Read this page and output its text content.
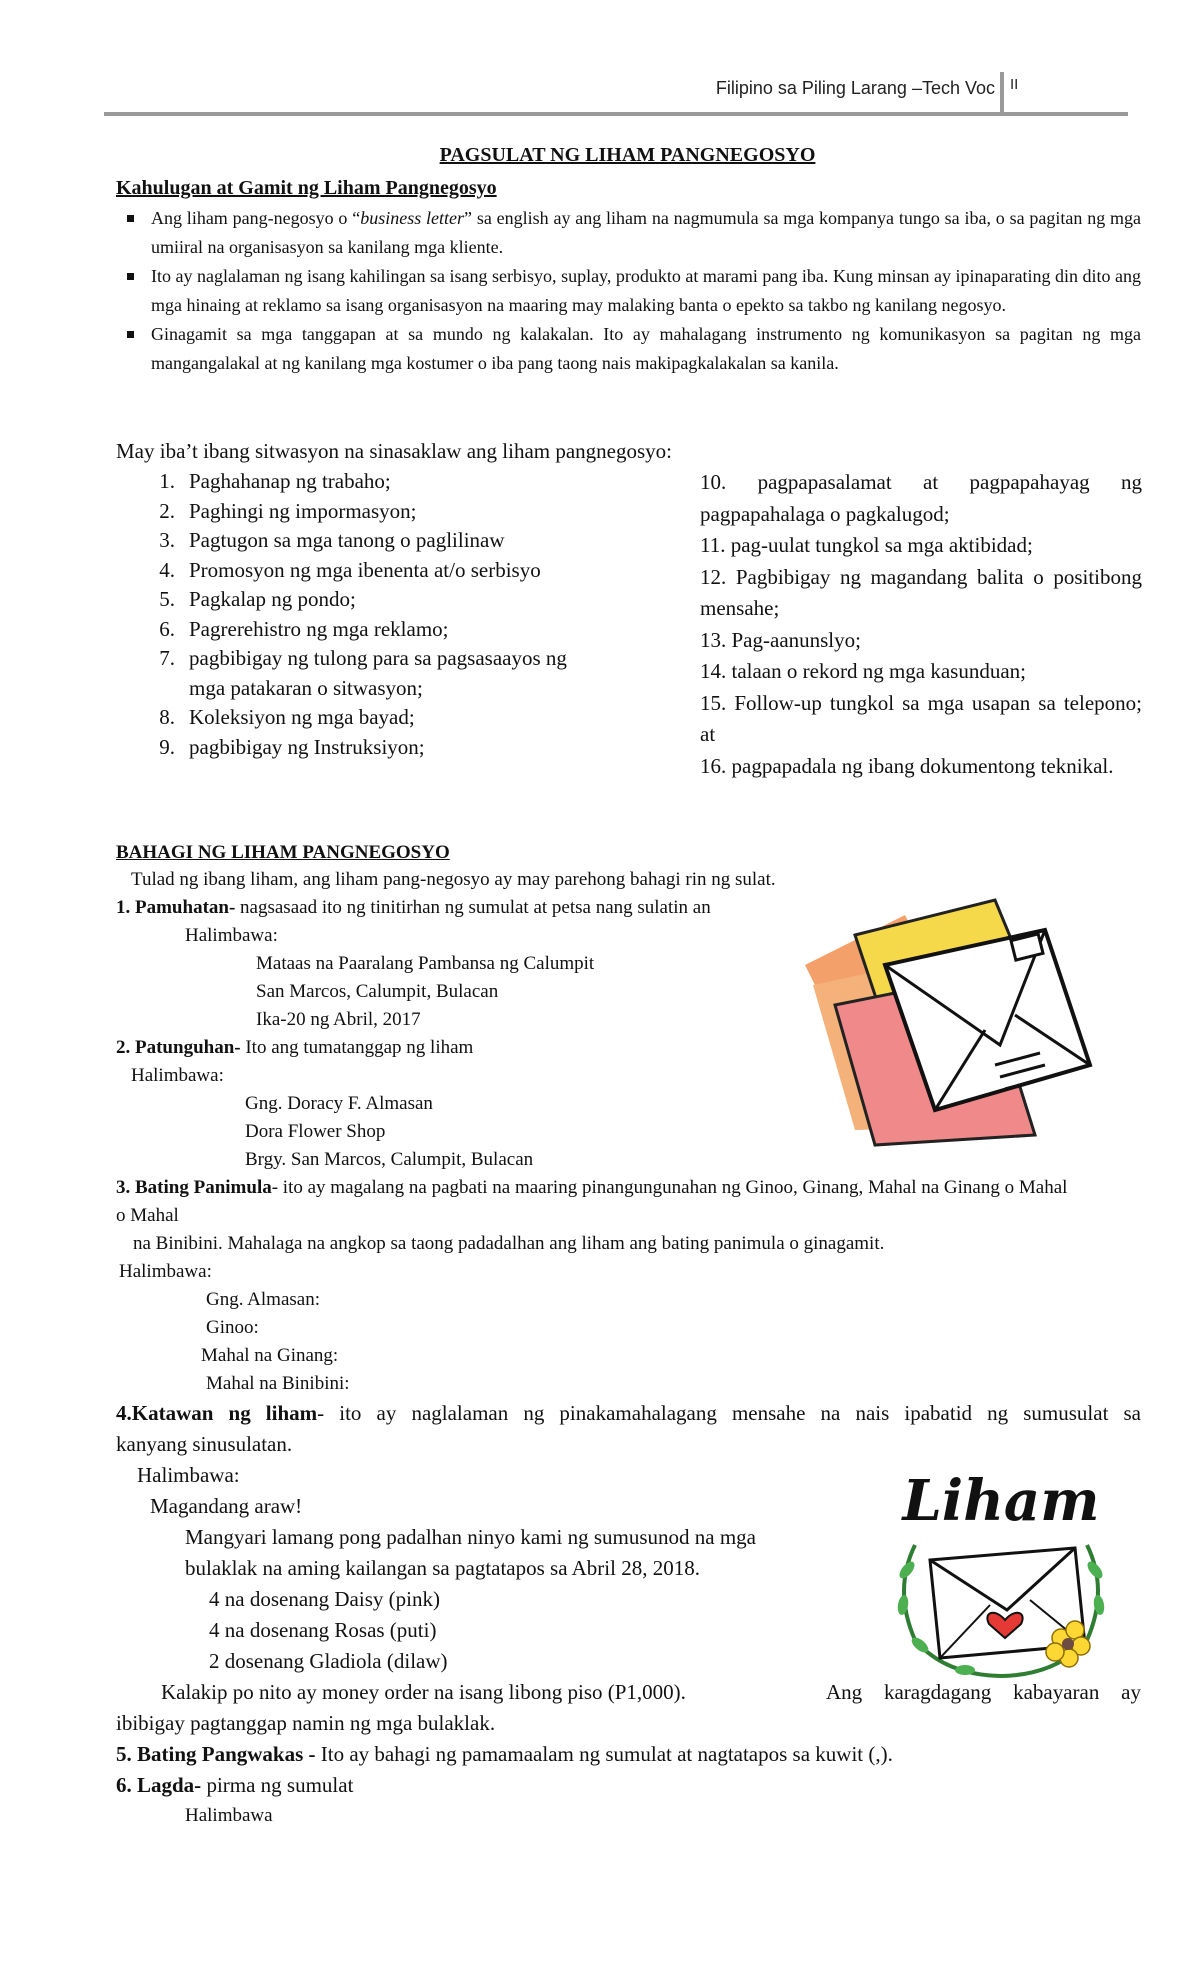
Filipino sa Piling Larang –Tech Voc II
PAGSULAT NG LIHAM PANGNEGOSYO
Kahulugan at Gamit ng Liham Pangnegosyo
Ang liham pang-negosyo o “business letter” sa english ay ang liham na nagmumula sa mga kompanya tungo sa iba, o sa pagitan ng mga umiiral na organisasyon sa kanilang mga kliente.
Ito ay naglalaman ng isang kahilingan sa isang serbisyo, suplay, produkto at marami pang iba. Kung minsan ay ipinaparating din dito ang mga hinaing at reklamo sa isang organisasyon na maaring may malaking banta o epekto sa takbo ng kanilang negosyo.
Ginagamit sa mga tanggapan at sa mundo ng kalakalan. Ito ay mahalagang instrumento ng komunikasyon sa pagitan ng mga mangangalakal at ng kanilang mga kostumer o iba pang taong nais makipagkalakalan sa kanila.
May iba’t ibang sitwasyon na sinasaklaw ang liham pangnegosyo:
1. Paghahanap ng trabaho;
2. Paghingi ng impormasyon;
3. Pagtugon sa mga tanong o paglilinaw
4. Promosyon ng mga ibenenta at/o serbisyo
5. Pagkalap ng pondo;
6. Pagrerehistro ng mga reklamo;
7. pagbibigay ng tulong para sa pagsasaayos ng mga patakaran o sitwasyon;
8. Koleksiyon ng mga bayad;
9. pagbibigay ng Instruksiyon;
10. pagpapasalamat at pagpapahayag ng pagpapahalaga o pagkalugod;
11. pag-uulat tungkol sa mga aktibidad;
12. Pagbibigay ng magandang balita o positibong mensahe;
13. Pag-aanunslyo;
14. talaan o rekord ng mga kasunduan;
15. Follow-up tungkol sa mga usapan sa telepono; at
16. pagpapadala ng ibang dokumentong teknikal.
BAHAGI NG LIHAM PANGNEGOSYO
Tulad ng ibang liham, ang liham pang-negosyo ay may parehong bahagi rin ng sulat.
1. Pamuhatan- nagsasaad ito ng tinitirhan ng sumulat at petsa nang sulatin an
Halimbawa:
Mataas na Paaralang Pambansa ng Calumpit
San Marcos, Calumpit, Bulacan
Ika-20 ng Abril, 2017
2. Patunguhan- Ito ang tumatanggap ng liham
Halimbawa:
Gng. Doracy F. Almasan
Dora Flower Shop
Brgy. San Marcos, Calumpit, Bulacan
3. Bating Panimula- ito ay magalang na pagbati na maaring pinangungunahan ng Ginoo, Ginang, Mahal na Ginang o Mahal
o Mahal
na Binibini. Mahalaga na angkop sa taong padadalhan ang liham ang bating panimula o ginagamit.
Halimbawa:
Gng. Almasan:
Ginoo:
Mahal na Ginang:
Mahal na Binibini:
4.Katawan ng liham- ito ay naglalaman ng pinakamahalagang mensahe na nais ipabatid ng sumusulat sa
kanyang sinusulatan.
Halimbawa:
Magandang araw!
Mangyari lamang pong padalhan ninyo kami ng sumusunod na mga
bulaklak na aming kailangan sa pagtatapos sa Abril 28, 2018.
4 na dosenang Daisy (pink)
4 na dosenang Rosas (puti)
2 dosenang Gladiola (dilaw)
Kalakip po nito ay money order na isang libong piso (P1,000).	Ang karagdagang kabayaran ay
ibibigay pagtanggap namin ng mga bulaklak.
Liham
5. Bating Pangwakas - Ito ay bahagi ng pamamaalam ng sumulat at nagtatapos sa kuwit (,).
6. Lagda- pirma ng sumulat
Halimbawa
